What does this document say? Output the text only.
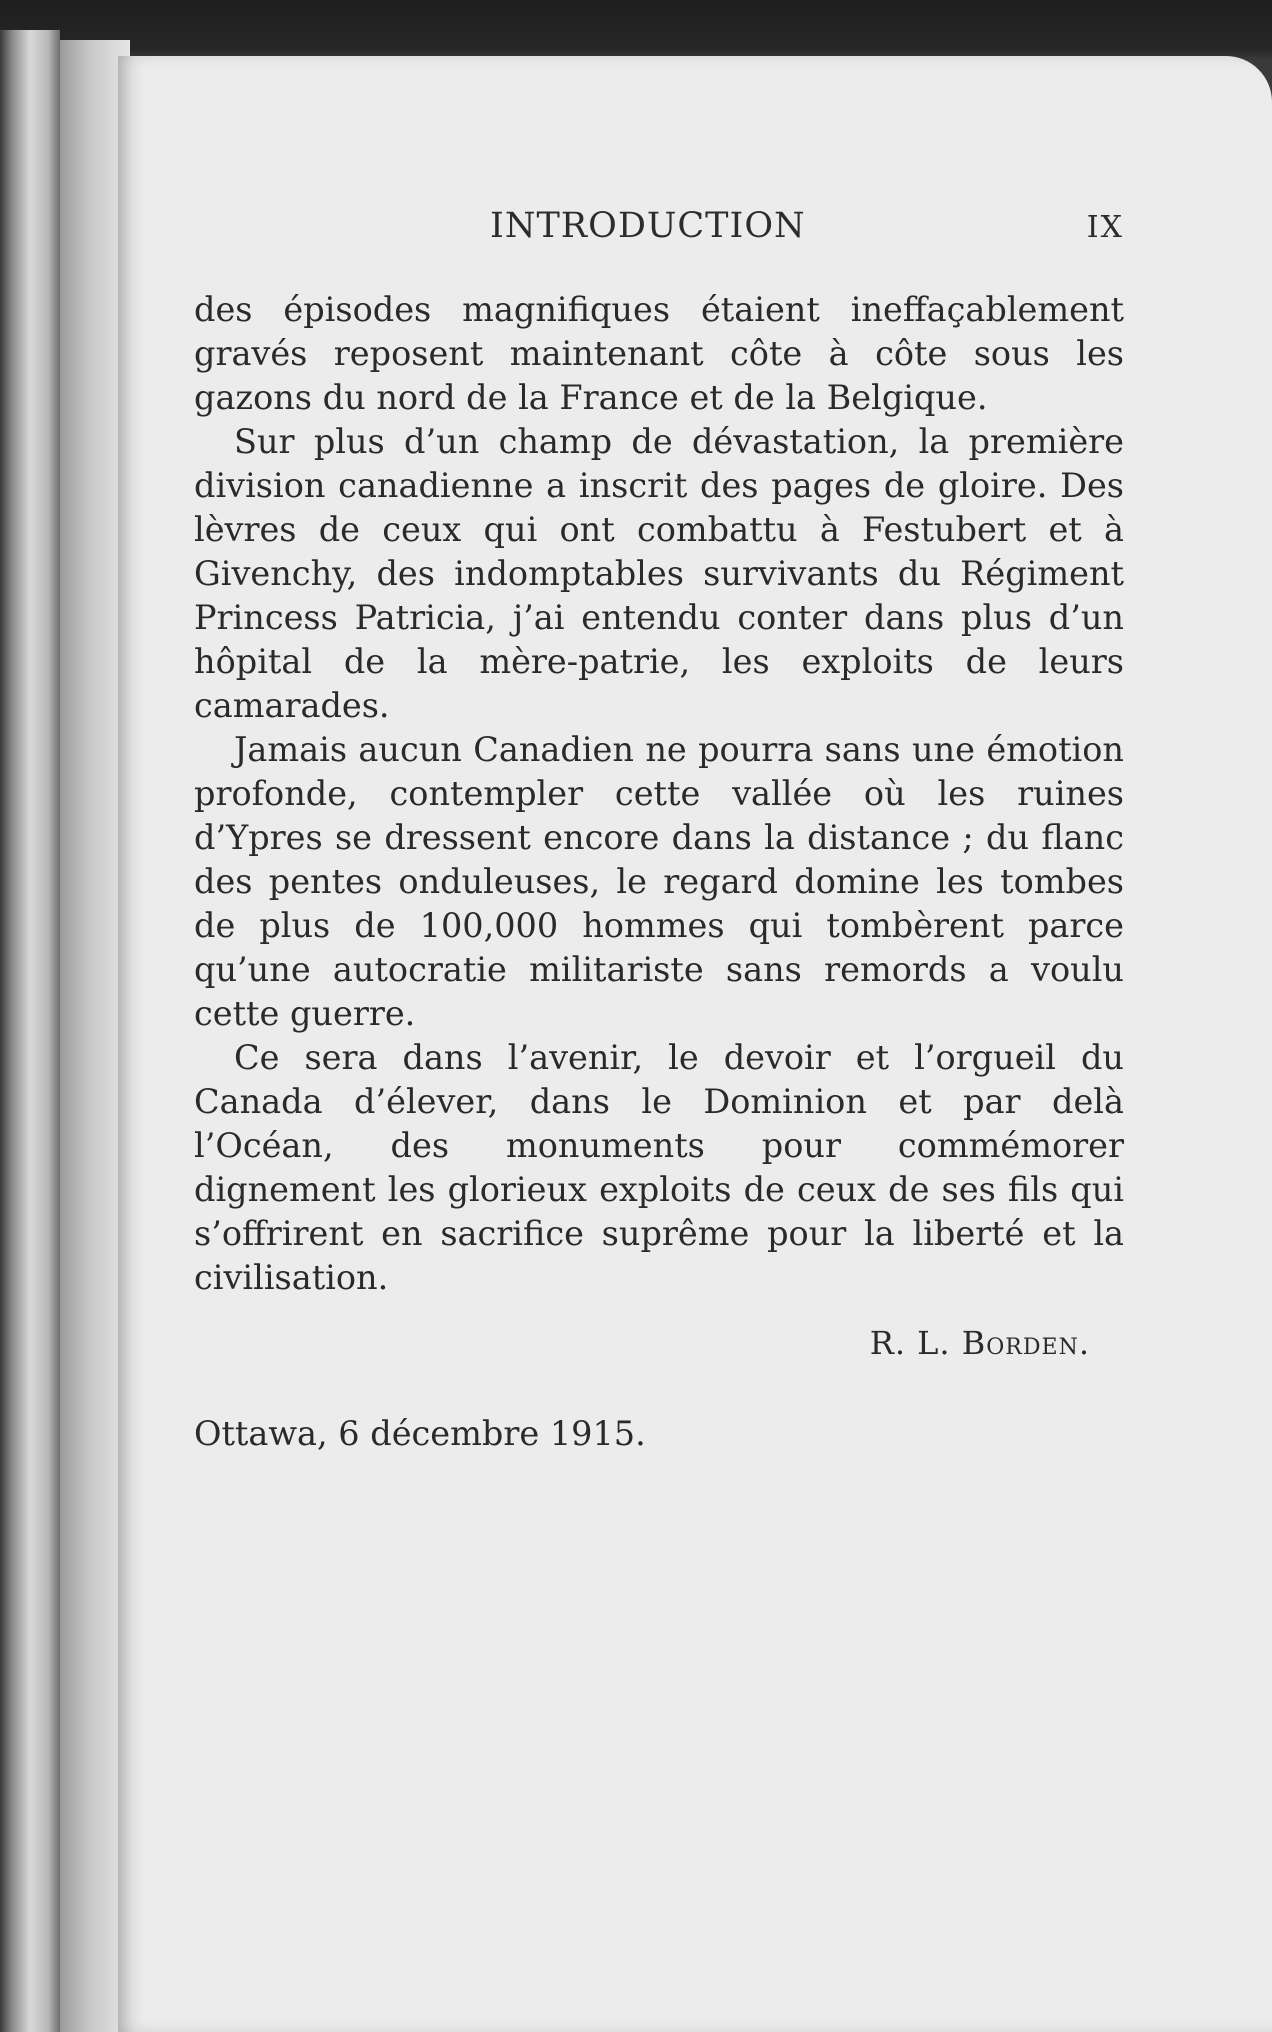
INTRODUCTION	IX

des épisodes magnifiques étaient ineffaçablement gravés reposent maintenant côte à côte sous les gazons du nord de la France et de la Belgique.

Sur plus d’un champ de dévastation, la première division canadienne a inscrit des pages de gloire. Des lèvres de ceux qui ont combattu à Festubert et à Givenchy, des indomptables survivants du Régiment Princess Patricia, j’ai entendu conter dans plus d’un hôpital de la mère-patrie, les exploits de leurs camarades.

Jamais aucun Canadien ne pourra sans une émotion profonde, contempler cette vallée où les ruines d’Ypres se dressent encore dans la distance ; du flanc des pentes onduleuses, le regard domine les tombes de plus de 100,000 hommes qui tombèrent parce qu’une autocratie militariste sans remords a voulu cette guerre.

Ce sera dans l’avenir, le devoir et l’orgueil du Canada d’élever, dans le Dominion et par delà l’Océan, des monuments pour commémorer dignement les glorieux exploits de ceux de ses fils qui s’offrirent en sacrifice suprême pour la liberté et la civilisation.

R. L. Borden.
Ottawa, 6 décembre 1915.
